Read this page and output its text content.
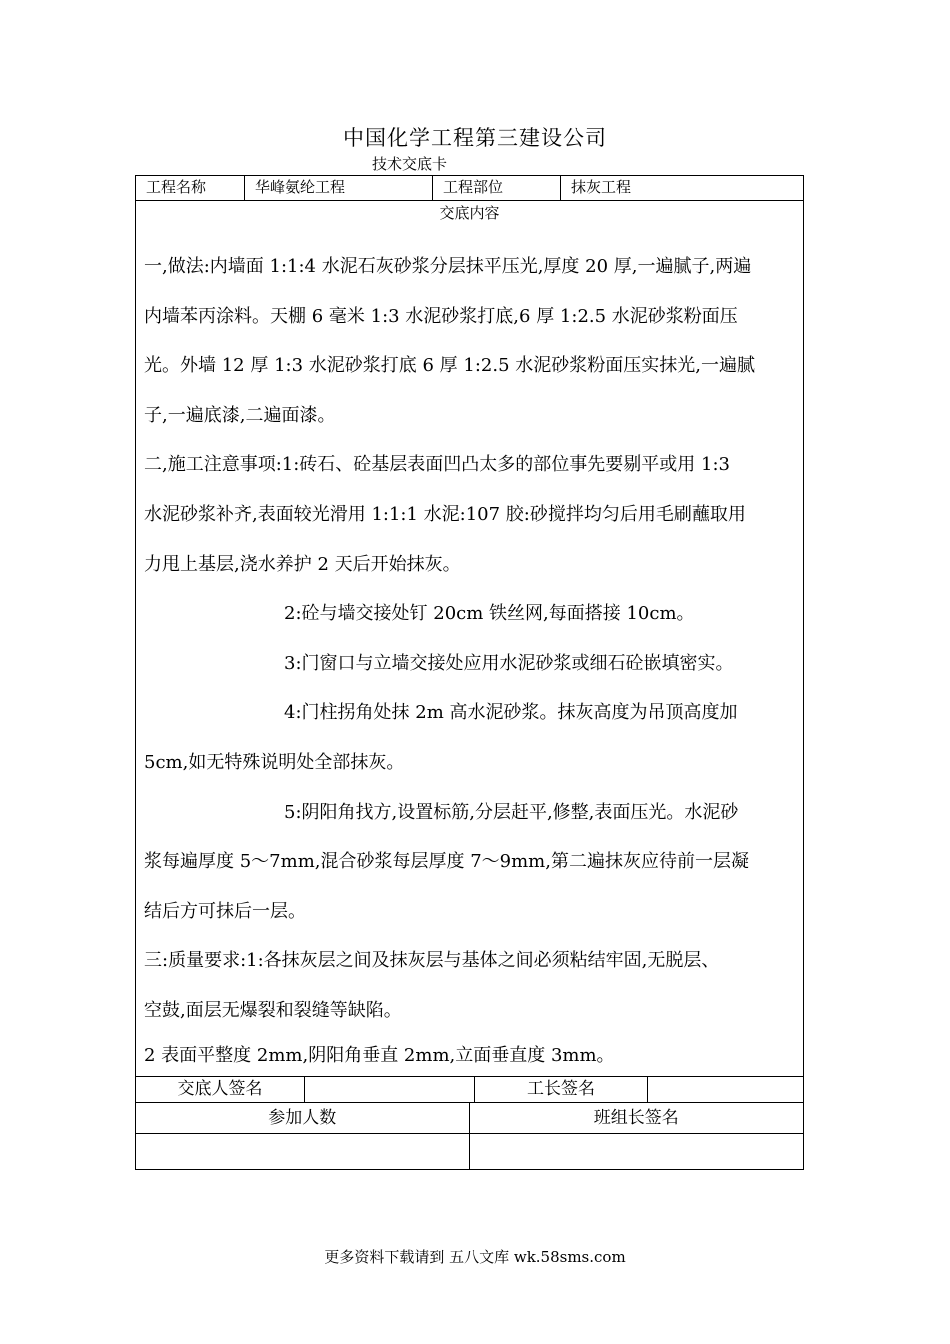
中国化学工程第三建设公司
技术交底卡
工程名称	华峰氨纶工程	工程部位	抹灰工程
交底内容

一,做法:内墙面 1:1:4 水泥石灰砂浆分层抹平压光,厚度 20 厚,一遍腻子,两遍
内墙苯丙涂料。天棚 6 毫米 1:3 水泥砂浆打底,6 厚 1:2.5 水泥砂浆粉面压
光。外墙 12 厚 1:3 水泥砂浆打底 6 厚 1:2.5 水泥砂浆粉面压实抹光,一遍腻
子,一遍底漆,二遍面漆。

二,施工注意事项:1:砖石、砼基层表面凹凸太多的部位事先要剔平或用 1:3
水泥砂浆补齐,表面较光滑用 1:1:1 水泥:107 胶:砂搅拌均匀后用毛刷蘸取用
力甩上基层,浇水养护 2 天后开始抹灰。

2:砼与墙交接处钉 20cm 铁丝网,每面搭接 10cm。

3:门窗口与立墙交接处应用水泥砂浆或细石砼嵌填密实。

4:门柱拐角处抹 2m 高水泥砂浆。抹灰高度为吊顶高度加
5cm,如无特殊说明处全部抹灰。

5:阴阳角找方,设置标筋,分层赶平,修整,表面压光。水泥砂
浆每遍厚度 5～7mm,混合砂浆每层厚度 7～9mm,第二遍抹灰应待前一层凝
结后方可抹后一层。

三:质量要求:1:各抹灰层之间及抹灰层与基体之间必须粘结牢固,无脱层、
空鼓,面层无爆裂和裂缝等缺陷。

2 表面平整度 2mm,阴阳角垂直 2mm,立面垂直度 3mm。

交底人签名	工长签名
参加人数	班组长签名
更多资料下载请到 五八文库 wk.58sms.com
